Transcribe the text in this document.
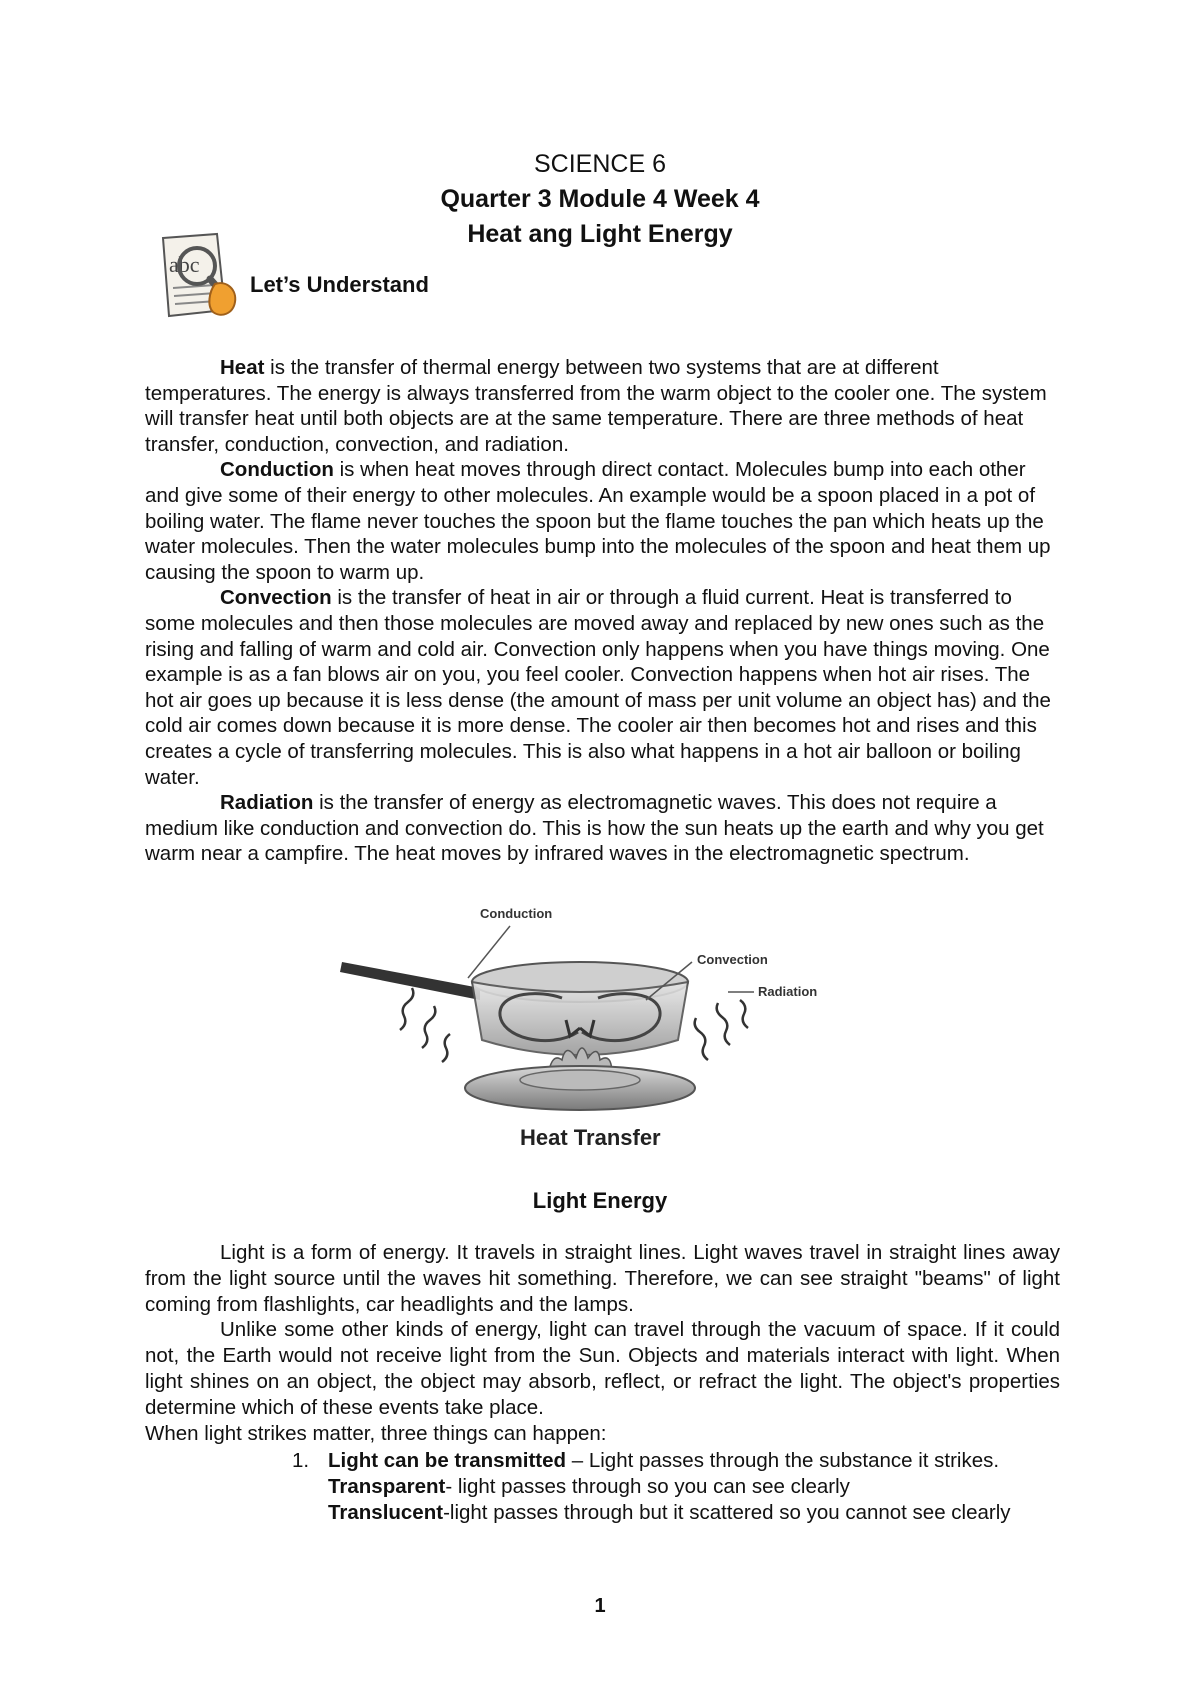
SCIENCE 6
Quarter 3 Module 4 Week 4
Heat ang Light Energy
abc
Let’s Understand

Heat is the transfer of thermal energy between two systems that are at different temperatures. The energy is always transferred from the warm object to the cooler one. The system will transfer heat until both objects are at the same temperature. There are three methods of heat transfer, conduction, convection, and radiation.

Conduction is when heat moves through direct contact. Molecules bump into each other and give some of their energy to other molecules. An example would be a spoon placed in a pot of boiling water. The flame never touches the spoon but the flame touches the pan which heats up the water molecules. Then the water molecules bump into the molecules of the spoon and heat them up causing the spoon to warm up.

Convection is the transfer of heat in air or through a fluid current. Heat is transferred to some molecules and then those molecules are moved away and replaced by new ones such as the rising and falling of warm and cold air. Convection only happens when you have things moving. One example is as a fan blows air on you, you feel cooler. Convection happens when hot air rises. The hot air goes up because it is less dense (the amount of mass per unit volume an object has) and the cold air comes down because it is more dense. The cooler air then becomes hot and rises and this creates a cycle of transferring molecules. This is also what happens in a hot air balloon or boiling water.

Radiation is the transfer of energy as electromagnetic waves. This does not require a medium like conduction and convection do. This is how the sun heats up the earth and why you get warm near a campfire. The heat moves by infrared waves in the electromagnetic spectrum.

Conduction
Convection
Radiation
Heat Transfer
Light Energy

Light is a form of energy. It travels in straight lines. Light waves travel in straight lines away from the light source until the waves hit something. Therefore, we can see straight "beams" of light coming from flashlights, car headlights and the lamps.

Unlike some other kinds of energy, light can travel through the vacuum of space. If it could not, the Earth would not receive light from the Sun. Objects and materials interact with light. When light shines on an object, the object may absorb, reflect, or refract the light. The object's properties determine which of these events take place.

When light strikes matter, three things can happen:

1. Light can be transmitted – Light passes through the substance it strikes.
Transparent- light passes through so you can see clearly
Translucent-light passes through but it scattered so you cannot see clearly
1
